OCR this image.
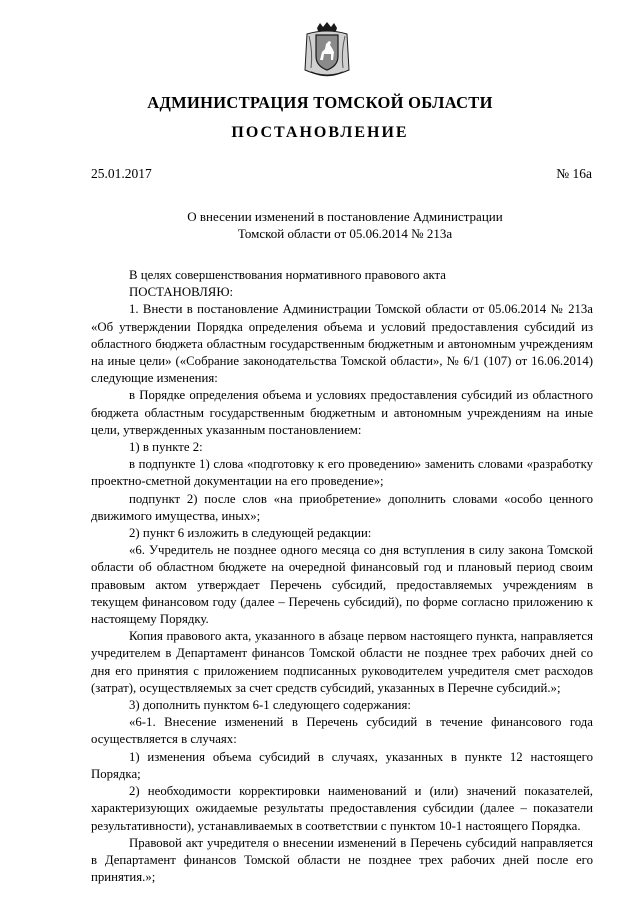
АДМИНИСТРАЦИЯ ТОМСКОЙ ОБЛАСТИ
ПОСТАНОВЛЕНИЕ
25.01.2017	№ 16а
О внесении изменений в постановление Администрации
Томской области от 05.06.2014 № 213а

В целях совершенствования нормативного правового акта

ПОСТАНОВЛЯЮ:

1. Внести в постановление Администрации Томской области от 05.06.2014 № 213а «Об утверждении Порядка определения объема и условий предоставления субсидий из областного бюджета областным государственным бюджетным и автономным учреждениям на иные цели» («Собрание законодательства Томской области», № 6/1 (107) от 16.06.2014) следующие изменения:

в Порядке определения объема и условиях предоставления субсидий из областного бюджета областным государственным бюджетным и автономным учреждениям на иные цели, утвержденных указанным постановлением:

1) в пункте 2:

в подпункте 1) слова «подготовку к его проведению» заменить словами «разработку проектно-сметной документации на его проведение»;

подпункт 2) после слов «на приобретение» дополнить словами «особо ценного движимого имущества, иных»;

2) пункт 6 изложить в следующей редакции:

«6. Учредитель не позднее одного месяца со дня вступления в силу закона Томской области об областном бюджете на очередной финансовый год и плановый период своим правовым актом утверждает Перечень субсидий, предоставляемых учреждениям в текущем финансовом году (далее – Перечень субсидий), по форме согласно приложению к настоящему Порядку.

Копия правового акта, указанного в абзаце первом настоящего пункта, направляется учредителем в Департамент финансов Томской области не позднее трех рабочих дней со дня его принятия с приложением подписанных руководителем учредителя смет расходов (затрат), осуществляемых за счет средств субсидий, указанных в Перечне субсидий.»;

3) дополнить пунктом 6-1 следующего содержания:

«6-1. Внесение изменений в Перечень субсидий в течение финансового года осуществляется в случаях:

1) изменения объема субсидий в случаях, указанных в пункте 12 настоящего Порядка;

2) необходимости корректировки наименований и (или) значений показателей, характеризующих ожидаемые результаты предоставления субсидии (далее – показатели результативности), устанавливаемых в соответствии с пунктом 10-1 настоящего Порядка.

Правовой акт учредителя о внесении изменений в Перечень субсидий направляется в Департамент финансов Томской области не позднее трех рабочих дней после его принятия.»;
